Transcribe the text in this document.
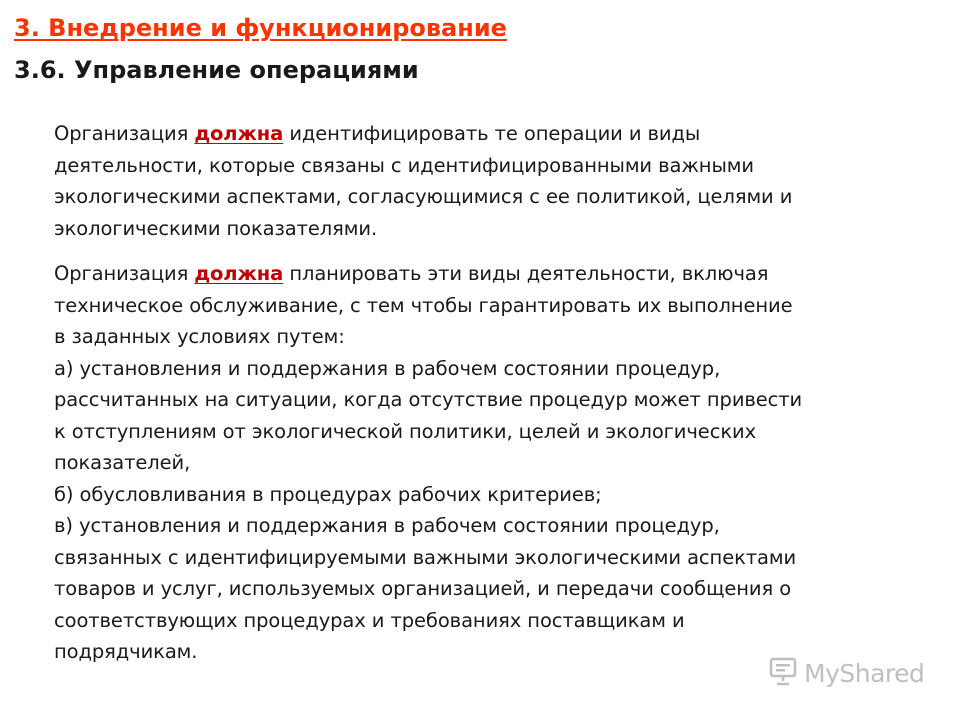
3. Внедрение и функционирование
3.6. Управление операциями

Организация должна идентифицировать те операции и виды
деятельности, которые связаны с идентифицированными важными
экологическими аспектами, согласующимися с ее политикой, целями и
экологическими показателями.

Организация должна планировать эти виды деятельности, включая
техническое обслуживание, с тем чтобы гарантировать их выполнение
в заданных условиях путем:
а) установления и поддержания в рабочем состоянии процедур,
рассчитанных на ситуации, когда отсутствие процедур может привести
к отступлениям от экологической политики, целей и экологических
показателей,
б) обусловливания в процедурах рабочих критериев;
в) установления и поддержания в рабочем состоянии процедур,
связанных с идентифицируемыми важными экологическими аспектами
товаров и услуг, используемых организацией, и передачи сообщения о
соответствующих процедурах и требованиях поставщикам и
подрядчикам.

MyShared
